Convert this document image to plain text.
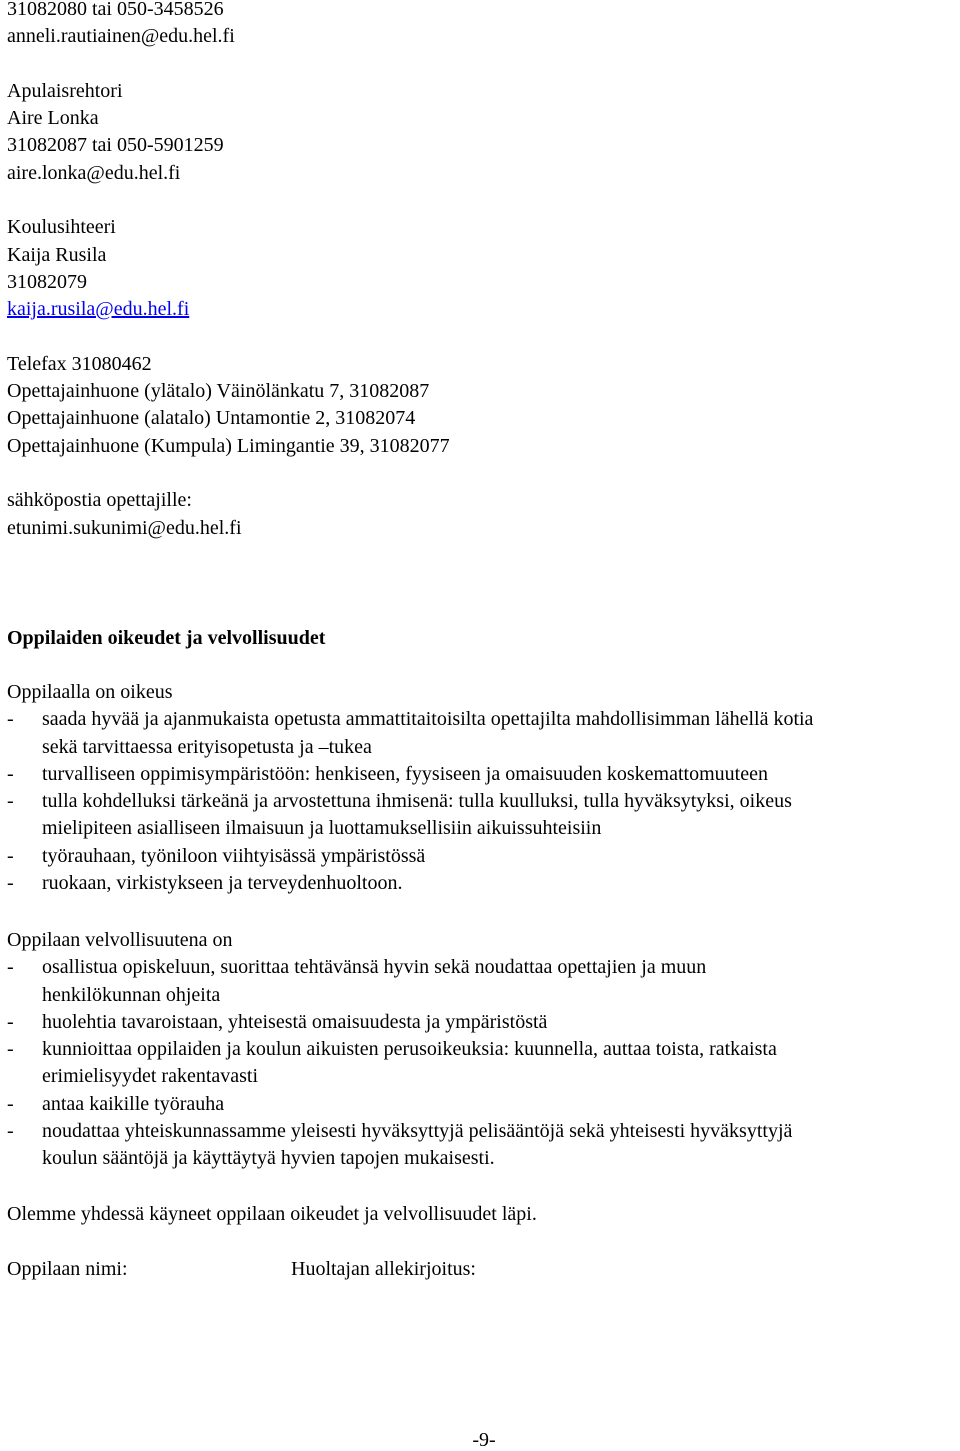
31082080 tai 050-3458526
anneli.rautiainen@edu.hel.fi
Apulaisrehtori
Aire Lonka
31082087 tai 050-5901259
aire.lonka@edu.hel.fi
Koulusihteeri
Kaija Rusila
31082079
kaija.rusila@edu.hel.fi
Telefax 31080462
Opettajainhuone (ylätalo) Väinölänkatu 7, 31082087
Opettajainhuone (alatalo) Untamontie 2, 31082074
Opettajainhuone (Kumpula) Limingantie 39, 31082077
sähköpostia opettajille:
etunimi.sukunimi@edu.hel.fi
Oppilaiden oikeudet ja velvollisuudet
Oppilaalla on oikeus
- saada hyvää ja ajanmukaista opetusta ammattitaitoisilta opettajilta mahdollisimman lähellä kotia
sekä tarvittaessa erityisopetusta ja –tukea
- turvalliseen oppimisympäristöön: henkiseen, fyysiseen ja omaisuuden koskemattomuuteen
- tulla kohdelluksi tärkeänä ja arvostettuna ihmisenä: tulla kuulluksi, tulla hyväksytyksi, oikeus
mielipiteen asialliseen ilmaisuun ja luottamuksellisiin aikuissuhteisiin
- työrauhaan, työniloon viihtyisässä ympäristössä
- ruokaan, virkistykseen ja terveydenhuoltoon.
Oppilaan velvollisuutena on
- osallistua opiskeluun, suorittaa tehtävänsä hyvin sekä noudattaa opettajien ja muun
henkilökunnan ohjeita
- huolehtia tavaroistaan, yhteisestä omaisuudesta ja ympäristöstä
- kunnioittaa oppilaiden ja koulun aikuisten perusoikeuksia: kuunnella, auttaa toista, ratkaista
erimielisyydet rakentavasti
- antaa kaikille työrauha
- noudattaa yhteiskunnassamme yleisesti hyväksyttyjä pelisääntöjä sekä yhteisesti hyväksyttyjä
koulun sääntöjä ja käyttäytyä hyvien tapojen mukaisesti.
Olemme yhdessä käyneet oppilaan oikeudet ja velvollisuudet läpi.
Oppilaan nimi:	Huoltajan allekirjoitus:
-9-
